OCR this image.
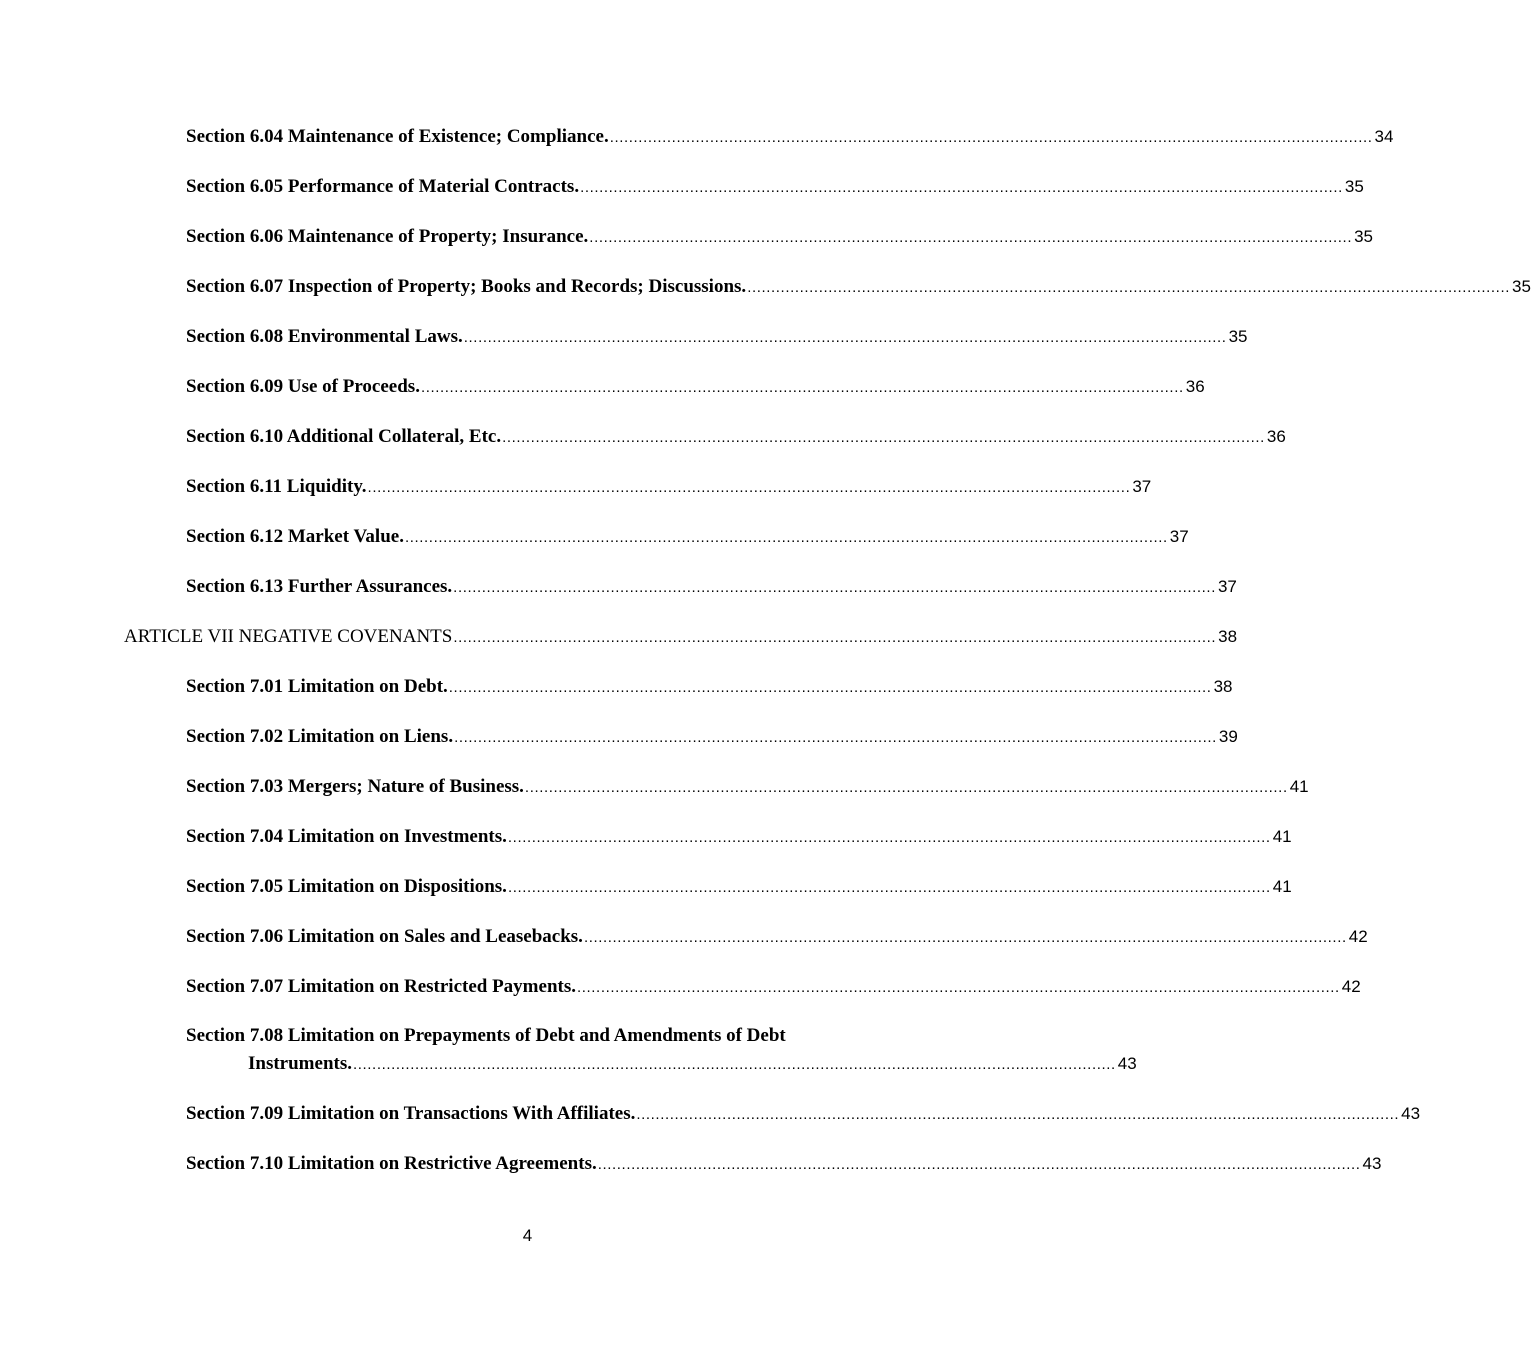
Section 6.04 Maintenance of Existence; Compliance. ................................................................................................................................................................ 34
Section 6.05 Performance of Material Contracts. ................................................................................................................................................................ 35
Section 6.06 Maintenance of Property; Insurance. ................................................................................................................................................................ 35
Section 6.07 Inspection of Property; Books and Records; Discussions. ................................................................................................................................................................ 35
Section 6.08 Environmental Laws. ................................................................................................................................................................ 35
Section 6.09 Use of Proceeds. ................................................................................................................................................................ 36
Section 6.10 Additional Collateral, Etc. ................................................................................................................................................................ 36
Section 6.11 Liquidity. ................................................................................................................................................................ 37
Section 6.12 Market Value. ................................................................................................................................................................ 37
Section 6.13 Further Assurances. ................................................................................................................................................................ 37
ARTICLE VII NEGATIVE COVENANTS ................................................................................................................................................................ 38
Section 7.01 Limitation on Debt. ................................................................................................................................................................ 38
Section 7.02 Limitation on Liens. ................................................................................................................................................................ 39
Section 7.03 Mergers; Nature of Business. ................................................................................................................................................................ 41
Section 7.04 Limitation on Investments. ................................................................................................................................................................ 41
Section 7.05 Limitation on Dispositions. ................................................................................................................................................................ 41
Section 7.06 Limitation on Sales and Leasebacks. ................................................................................................................................................................ 42
Section 7.07 Limitation on Restricted Payments. ................................................................................................................................................................ 42
Section 7.08 Limitation on Prepayments of Debt and Amendments of Debt
Instruments. ................................................................................................................................................................ 43
Section 7.09 Limitation on Transactions With Affiliates. ................................................................................................................................................................ 43
Section 7.10 Limitation on Restrictive Agreements. ................................................................................................................................................................ 43
4
